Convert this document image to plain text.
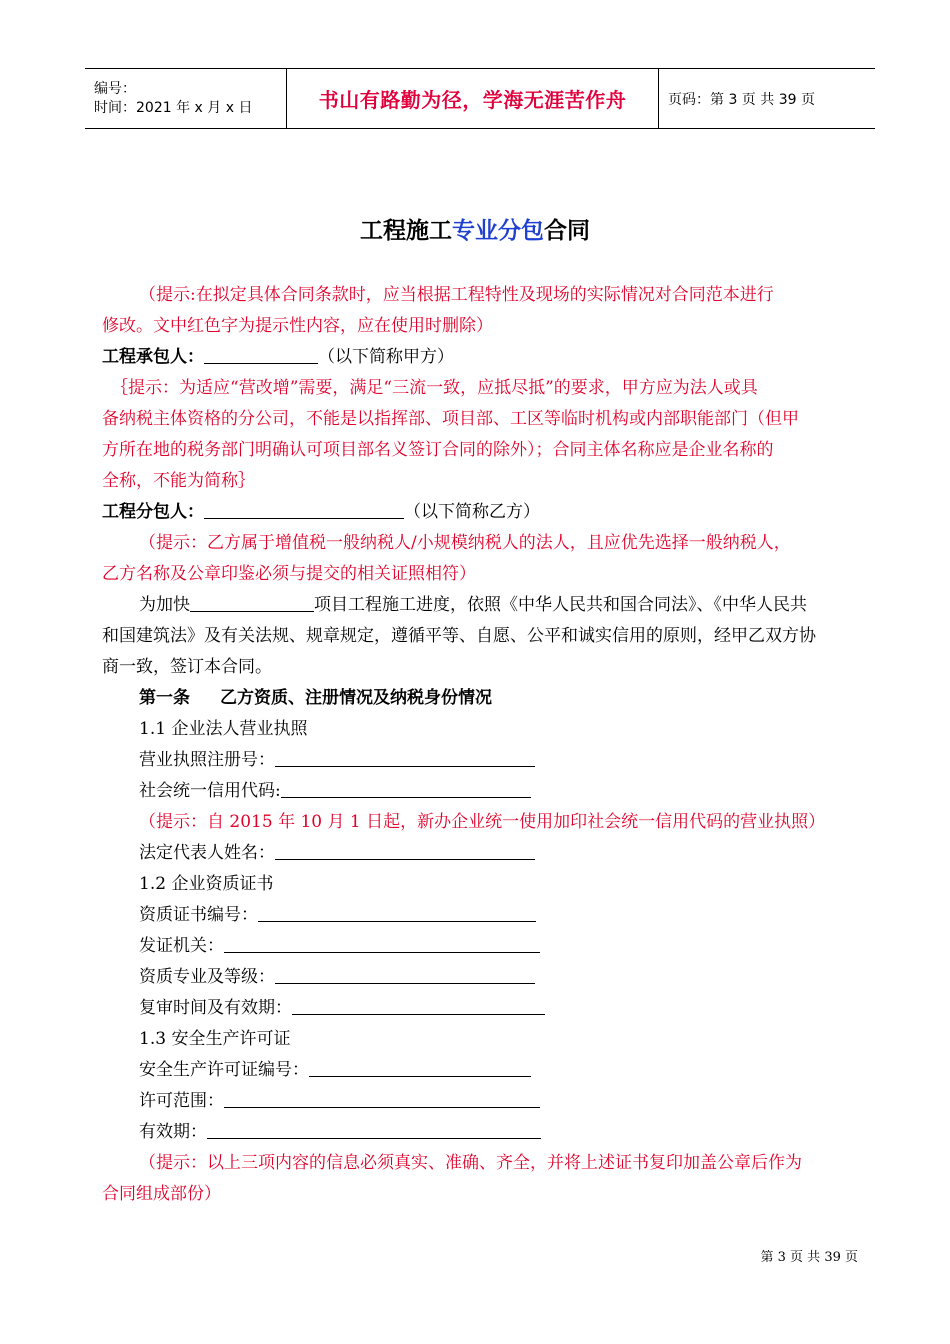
编号：
时间：2021 年 x 月 x 日	书山有路勤为径，学海无涯苦作舟	页码：第 3 页 共 39 页
工程施工专业分包合同
（提示:在拟定具体合同条款时，应当根据工程特性及现场的实际情况对合同范本进行
修改。文中红色字为提示性内容，应在使用时删除）
工程承包人：	（以下简称甲方）
｛提示：为适应“营改增”需要，满足“三流一致，应抵尽抵”的要求，甲方应为法人或具
备纳税主体资格的分公司，不能是以指挥部、项目部、工区等临时机构或内部职能部门（但甲
方所在地的税务部门明确认可项目部名义签订合同的除外）；合同主体名称应是企业名称的
全称，不能为简称｝
工程分包人：	（以下简称乙方）
（提示：乙方属于增值税一般纳税人/小规模纳税人的法人，且应优先选择一般纳税人，
乙方名称及公章印鉴必须与提交的相关证照相符）
为加快	项目工程施工进度，依照《中华人民共和国合同法》、《中华人民共
和国建筑法》及有关法规、规章规定，遵循平等、自愿、公平和诚实信用的原则，经甲乙双方协
商一致，签订本合同。
第一条 乙方资质、注册情况及纳税身份情况
1.1 企业法人营业执照
营业执照注册号：
社会统一信用代码:
（提示：自 2015 年 10 月 1 日起，新办企业统一使用加印社会统一信用代码的营业执照）
法定代表人姓名：
1.2 企业资质证书
资质证书编号：
发证机关：
资质专业及等级：
复审时间及有效期：
1.3 安全生产许可证
安全生产许可证编号：
许可范围：
有效期：
（提示：以上三项内容的信息必须真实、准确、齐全，并将上述证书复印加盖公章后作为
合同组成部份）
第 3 页 共 39 页
